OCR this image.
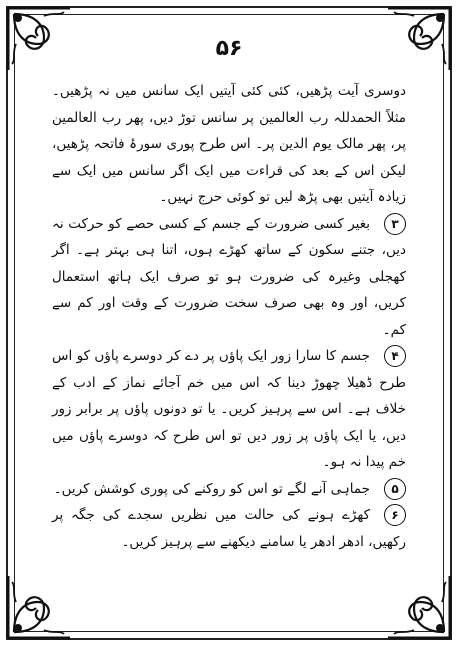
۵۶

دوسری آیت پڑھیں، کئی کئی آیتیں ایک سانس میں نہ پڑھیں۔ مثلاً الحمدللہ رب العالمین پر سانس توڑ دیں، پھر رب العالمین پر، پھر مالک یوم الدین پر۔ اس طرح پوری سورۂ فاتحہ پڑھیں، لیکن اس کے بعد کی قراءت میں ایک اگر سانس میں ایک سے زیادہ آیتیں بھی پڑھ لیں تو کوئی حرج نہیں۔

۳بغیر کسی ضرورت کے جسم کے کسی حصے کو حرکت نہ دیں، جتنے سکون کے ساتھ کھڑے ہوں، اتنا ہی بہتر ہے۔ اگر کھجلی وغیرہ کی ضرورت ہو تو صرف ایک ہاتھ استعمال کریں، اور وہ بھی صرف سخت ضرورت کے وقت اور کم سے کم۔

۴جسم کا سارا زور ایک پاؤں پر دے کر دوسرے پاؤں کو اس طرح ڈھیلا چھوڑ دینا کہ اس میں خم آجائے نماز کے ادب کے خلاف ہے۔ اس سے پرہیز کریں۔ یا تو دونوں پاؤں پر برابر زور دیں، یا ایک پاؤں پر زور دیں تو اس طرح کہ دوسرے پاؤں میں خم پیدا نہ ہو۔

۵جماہی آنے لگے تو اس کو روکنے کی پوری کوشش کریں۔

۶کھڑے ہونے کی حالت میں نظریں سجدے کی جگہ پر رکھیں، ادھر ادھر یا سامنے دیکھنے سے پرہیز کریں۔
